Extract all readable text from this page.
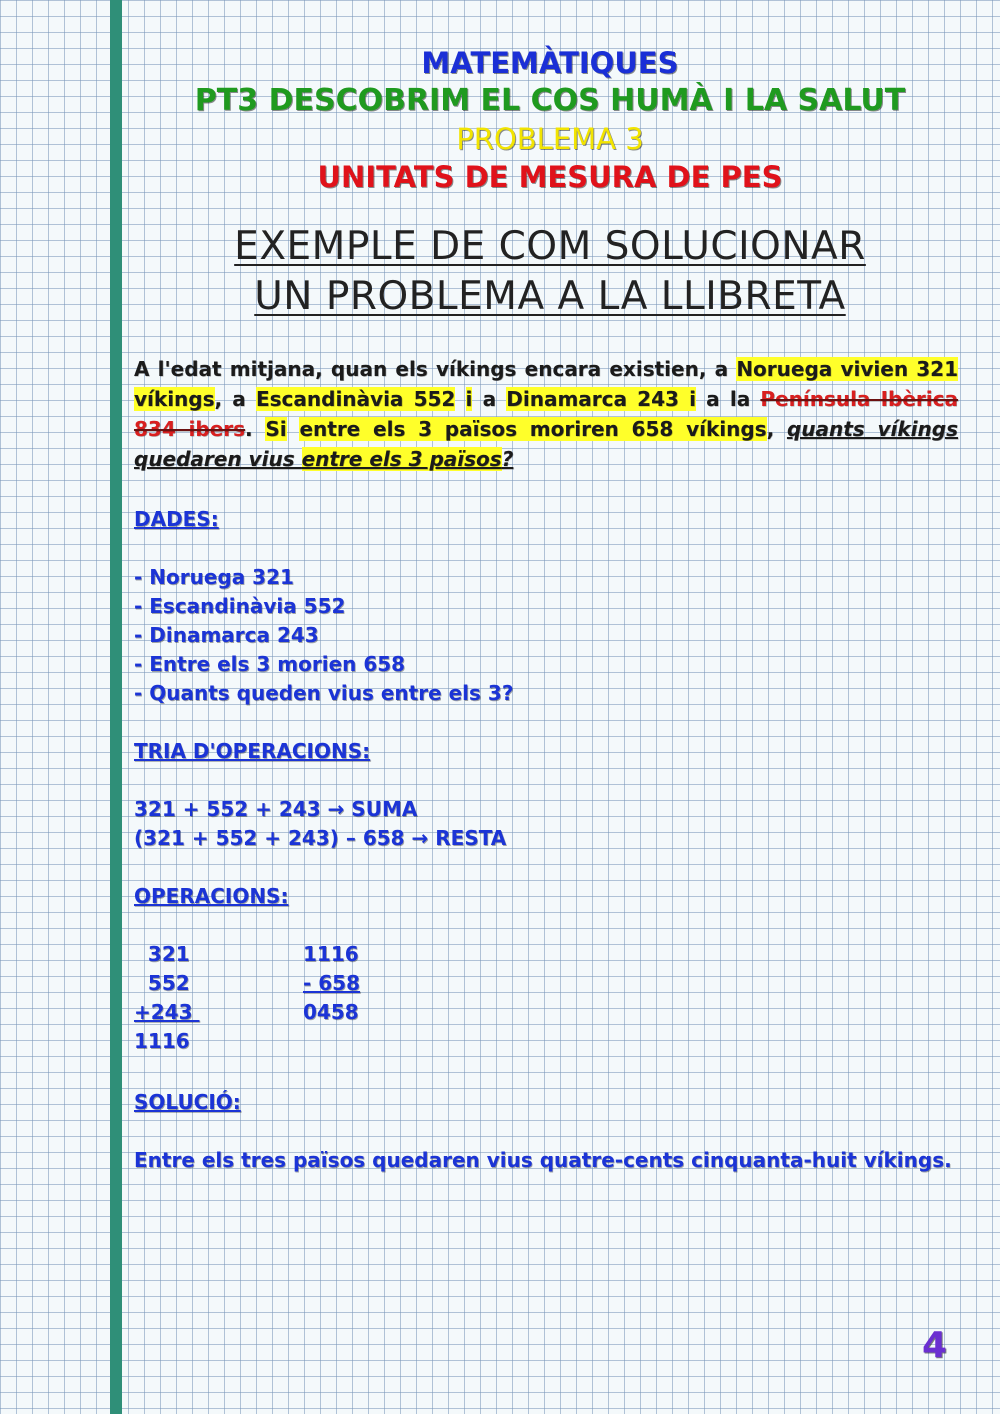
MATEMÀTIQUES
PT3 DESCOBRIM EL COS HUMÀ I LA SALUT
PROBLEMA 3
UNITATS DE MESURA DE PES
EXEMPLE DE COM SOLUCIONAR
UN PROBLEMA A LA LLIBRETA
A l'edat mitjana, quan els víkings encara existien, a Noruega vivien 321 víkings, a Escandinàvia 552 i a Dinamarca 243 i a la Península Ibèrica 834 ibers. Si entre els 3 països moriren 658 víkings, quants víkings quedaren vius entre els 3 països?
DADES:
- Noruega 321
- Escandinàvia 552
- Dinamarca 243
- Entre els 3 morien 658
- Quants queden vius entre els 3?
TRIA D'OPERACIONS:
321 + 552 + 243 → SUMA
(321 + 552 + 243) – 658 → RESTA
OPERACIONS:
321
552
+243
1116
1116
- 658
0458
SOLUCIÓ:
Entre els tres països quedaren vius quatre-cents cinquanta-huit víkings.
4
